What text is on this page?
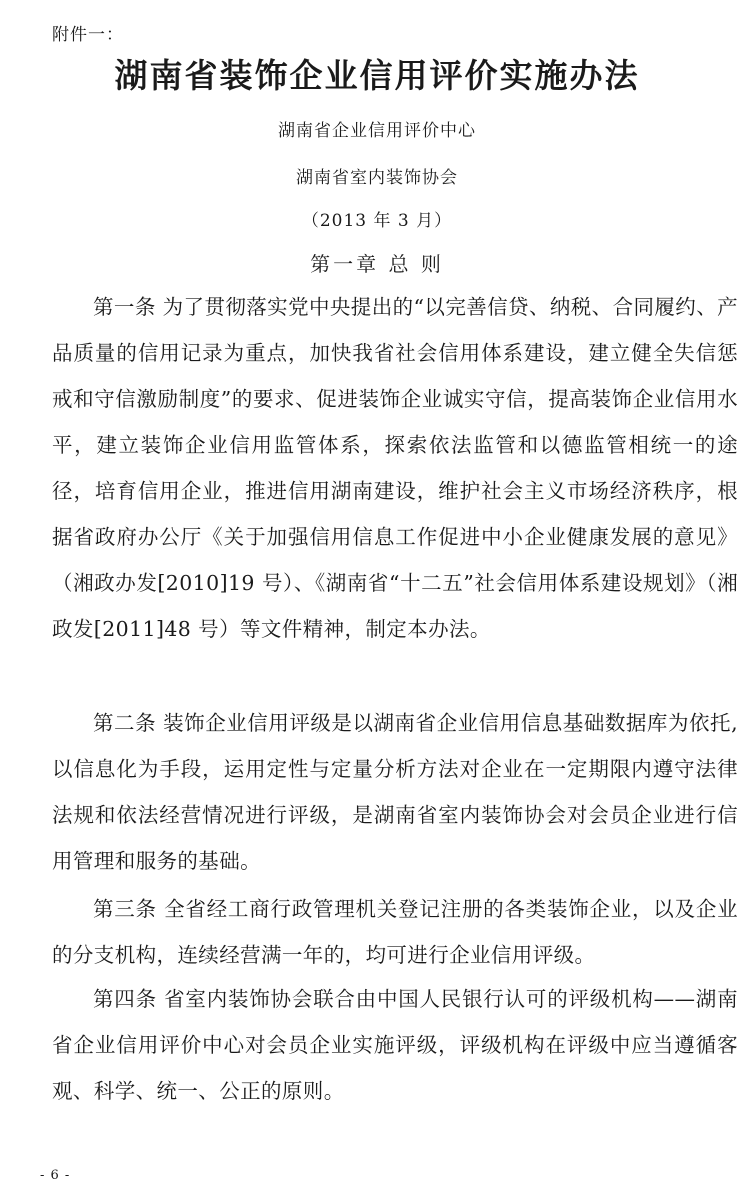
附件一：
湖南省装饰企业信用评价实施办法
湖南省企业信用评价中心
湖南省室内装饰协会
（2013 年 3 月）
第一章 总 则

第一条 为了贯彻落实党中央提出的“以完善信贷、纳税、合同履约、产品质量的信用记录为重点，加快我省社会信用体系建设，建立健全失信惩戒和守信激励制度”的要求、促进装饰企业诚实守信，提高装饰企业信用水平，建立装饰企业信用监管体系，探索依法监管和以德监管相统一的途径，培育信用企业，推进信用湖南建设，维护社会主义市场经济秩序，根据省政府办公厅《关于加强信用信息工作促进中小企业健康发展的意见》（湘政办发[2010]19 号）、《湖南省“十二五”社会信用体系建设规划》（湘政发[2011]48 号）等文件精神，制定本办法。

第二条 装饰企业信用评级是以湖南省企业信用信息基础数据库为依托, 以信息化为手段，运用定性与定量分析方法对企业在一定期限内遵守法律法规和依法经营情况进行评级，是湖南省室内装饰协会对会员企业进行信用管理和服务的基础。

第三条 全省经工商行政管理机关登记注册的各类装饰企业，以及企业的分支机构，连续经营满一年的，均可进行企业信用评级。

第四条 省室内装饰协会联合由中国人民银行认可的评级机构——湖南省企业信用评价中心对会员企业实施评级，评级机构在评级中应当遵循客观、科学、统一、公正的原则。

- 6 -
